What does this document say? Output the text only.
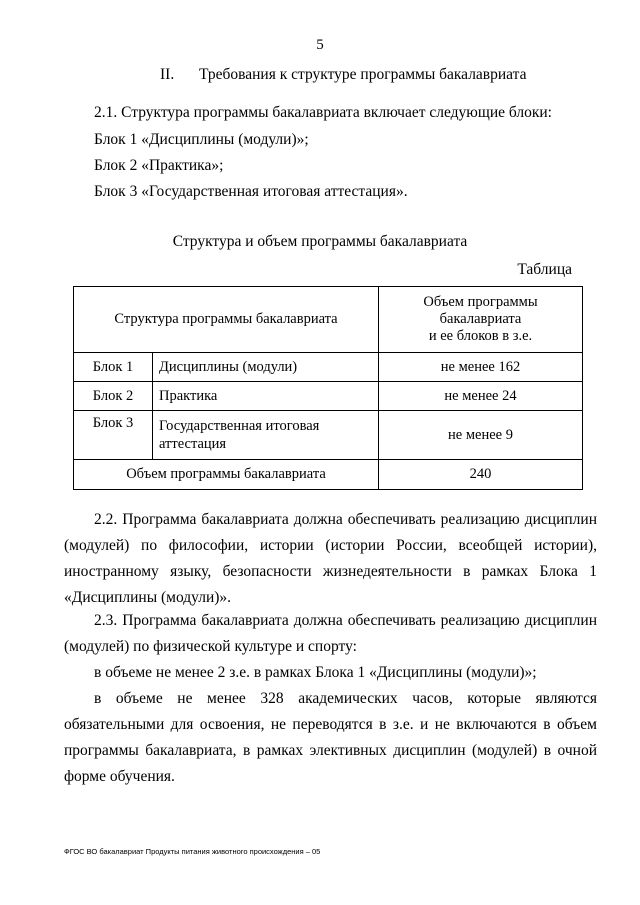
5
II. Требования к структуре программы бакалавриата
2.1. Структура программы бакалавриата включает следующие блоки:
Блок 1 «Дисциплины (модули)»;
Блок 2 «Практика»;
Блок 3 «Государственная итоговая аттестация».
Структура и объем программы бакалавриата
Таблица
Структура программы бакалавриата		Объем программы
бакалавриата
и ее блоков в з.е.

Блок 1	Дисциплины (модули)	не менее 162
Блок 2	Практика	не менее 24
Блок 3	Государственная итоговая аттестация	не менее 9
Объем программы бакалавриата		240
2.2. Программа бакалавриата должна обеспечивать реализацию дисциплин (модулей) по философии, истории (истории России, всеобщей истории), иностранному языку, безопасности жизнедеятельности в рамках Блока 1 «Дисциплины (модули)».
2.3. Программа бакалавриата должна обеспечивать реализацию дисциплин (модулей) по физической культуре и спорту:
в объеме не менее 2 з.е. в рамках Блока 1 «Дисциплины (модули)»;
в объеме не менее 328 академических часов, которые являются обязательными для освоения, не переводятся в з.е. и не включаются в объем программы бакалавриата, в рамках элективных дисциплин (модулей) в очной форме обучения.
ФГОС ВО бакалавриат Продукты питания животного происхождения – 05
